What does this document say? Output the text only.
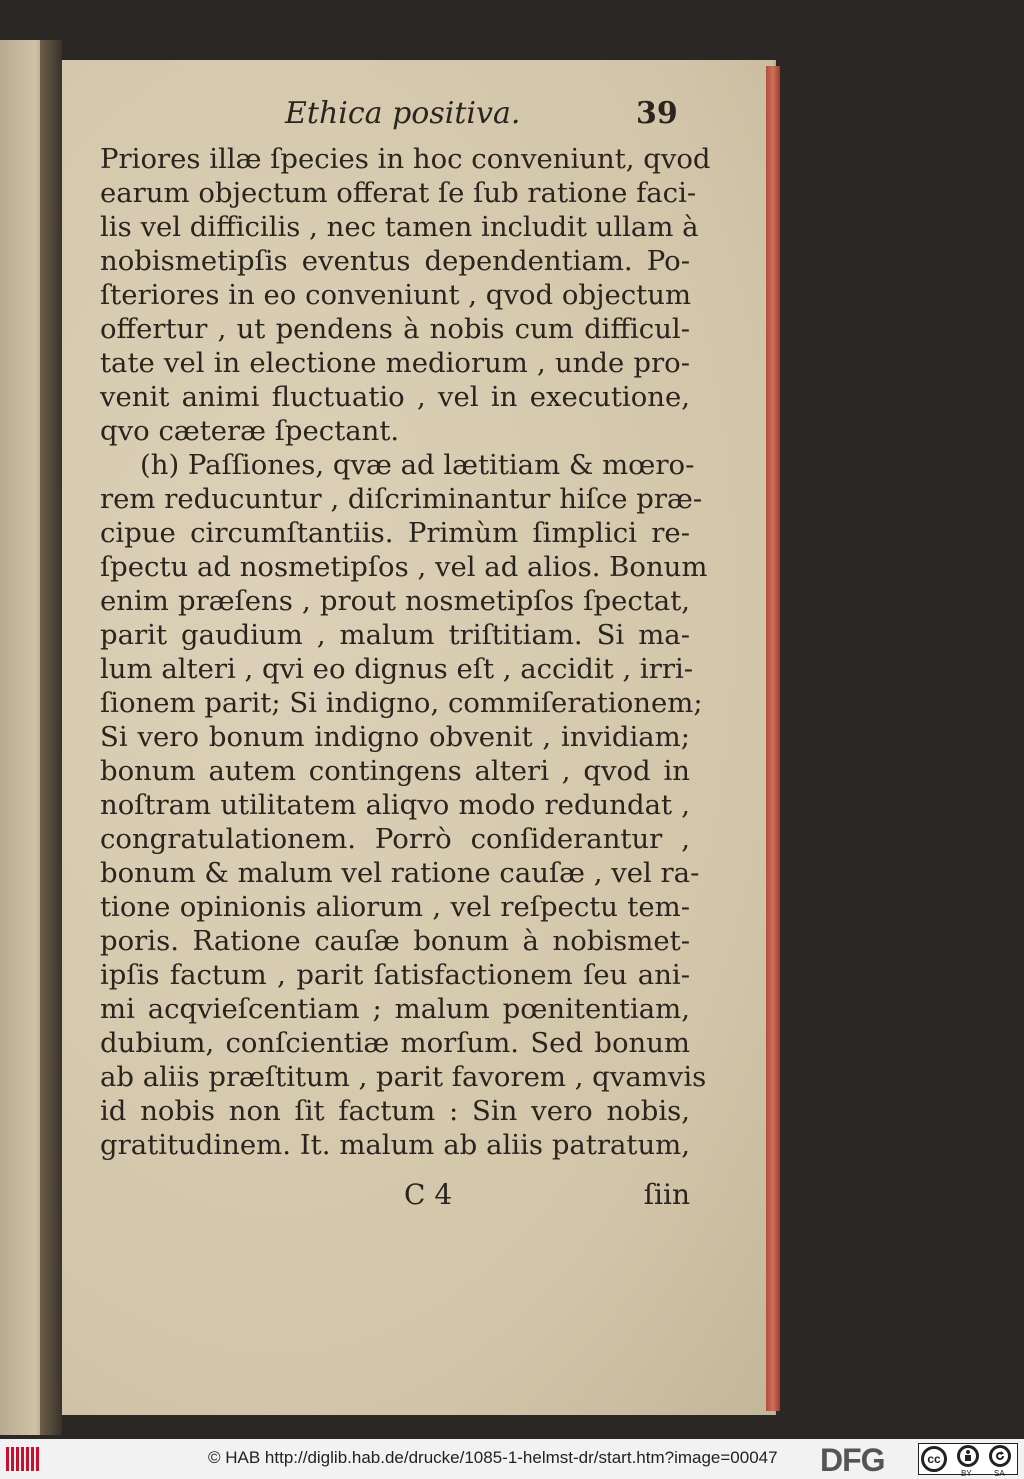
Ethica positiva.	39
Priores illæ ſpecies in hoc conveniunt, qvod
earum objectum offerat ſe ſub ratione faci-
lis vel difficilis , nec tamen includit ullam à
nobismetipſis eventus dependentiam. Po-
ſteriores in eo conveniunt , qvod objectum
offertur , ut pendens à nobis cum difficul-
tate vel in electione mediorum , unde pro-
venit animi fluctuatio , vel in executione,
qvo cæteræ ſpectant.
(h) Paſſiones, qvæ ad lætitiam & mœro-
rem reducuntur , diſcriminantur hiſce præ-
cipue circumſtantiis. Primùm ſimplici re-
ſpectu ad nosmetipſos , vel ad alios. Bonum
enim præſens , prout nosmetipſos ſpectat,
parit gaudium , malum triſtitiam. Si ma-
lum alteri , qvi eo dignus eſt , accidit , irri-
ſionem parit; Si indigno, commiſerationem;
Si vero bonum indigno obvenit , invidiam;
bonum autem contingens alteri , qvod in
noſtram utilitatem aliqvo modo redundat ,
congratulationem. Porrò conſiderantur ,
bonum & malum vel ratione cauſæ , vel ra-
tione opinionis aliorum , vel reſpectu tem-
poris. Ratione cauſæ bonum à nobismet-
ipſis factum , parit ſatisfactionem ſeu ani-
mi acqvieſcentiam ; malum pœnitentiam,
dubium, conſcientiæ morſum. Sed bonum
ab aliis præſtitum , parit favorem , qvamvis
id nobis non ſit factum : Sin vero nobis,
gratitudinem. It. malum ab aliis patratum,
C 4	ſiin
© HAB http://diglib.hab.de/drucke/1085-1-helmst-dr/start.htm?image=00047 DFG	cc
BY	SA
